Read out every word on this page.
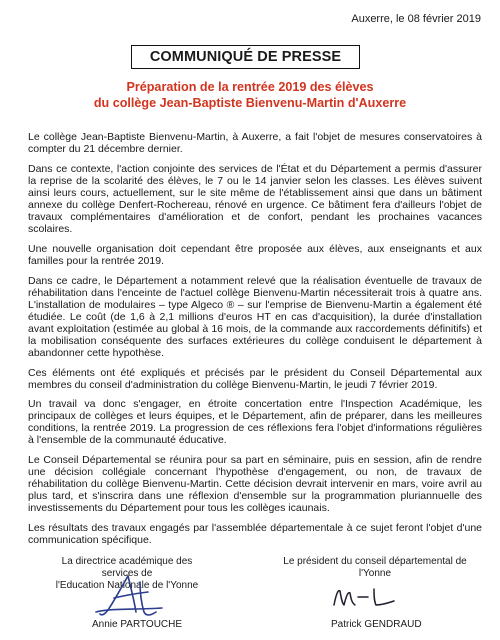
Auxerre, le 08 février 2019
COMMUNIQUÉ DE PRESSE
Préparation de la rentrée 2019 des élèves
du collège Jean-Baptiste Bienvenu-Martin d'Auxerre

Le collège Jean-Baptiste Bienvenu-Martin, à Auxerre, a fait l'objet de mesures conservatoires à compter du 21 décembre dernier.

Dans ce contexte, l'action conjointe des services de l'État et du Département a permis d'assurer la reprise de la scolarité des élèves, le 7 ou le 14 janvier selon les classes. Les élèves suivent ainsi leurs cours, actuellement, sur le site même de l'établissement ainsi que dans un bâtiment annexe du collège Denfert-Rochereau, rénové en urgence. Ce bâtiment fera d'ailleurs l'objet de travaux complémentaires d'amélioration et de confort, pendant les prochaines vacances scolaires.

Une nouvelle organisation doit cependant être proposée aux élèves, aux enseignants et aux familles pour la rentrée 2019.

Dans ce cadre, le Département a notamment relevé que la réalisation éventuelle de travaux de réhabilitation dans l'enceinte de l'actuel collège Bienvenu-Martin nécessiterait trois à quatre ans. L'installation de modulaires – type Algeco ® – sur l'emprise de Bienvenu-Martin a également été étudiée. Le coût (de 1,6 à 2,1 millions d'euros HT en cas d'acquisition), la durée d'installation avant exploitation (estimée au global à 16 mois, de la commande aux raccordements définitifs) et la mobilisation conséquente des surfaces extérieures du collège conduisent le département à abandonner cette hypothèse.

Ces éléments ont été expliqués et précisés par le président du Conseil Départemental aux membres du conseil d'administration du collège Bienvenu-Martin, le jeudi 7 février 2019.

Un travail va donc s'engager, en étroite concertation entre l'Inspection Académique, les principaux de collèges et leurs équipes, et le Département, afin de préparer, dans les meilleures conditions, la rentrée 2019. La progression de ces réflexions fera l'objet d'informations régulières à l'ensemble de la communauté éducative.

Le Conseil Départemental se réunira pour sa part en séminaire, puis en session, afin de rendre une décision collégiale concernant l'hypothèse d'engagement, ou non, de travaux de réhabilitation du collège Bienvenu-Martin. Cette décision devrait intervenir en mars, voire avril au plus tard, et s'inscrira dans une réflexion d'ensemble sur la programmation pluriannuelle des investissements du Département pour tous les collèges icaunais.

Les résultats des travaux engagés par l'assemblée départementale à ce sujet feront l'objet d'une communication spécifique.

La directrice académique des services de
l'Education Nationale de l'Yonne
Annie PARTOUCHE
Le président du conseil départemental de
l'Yonne
Patrick GENDRAUD
